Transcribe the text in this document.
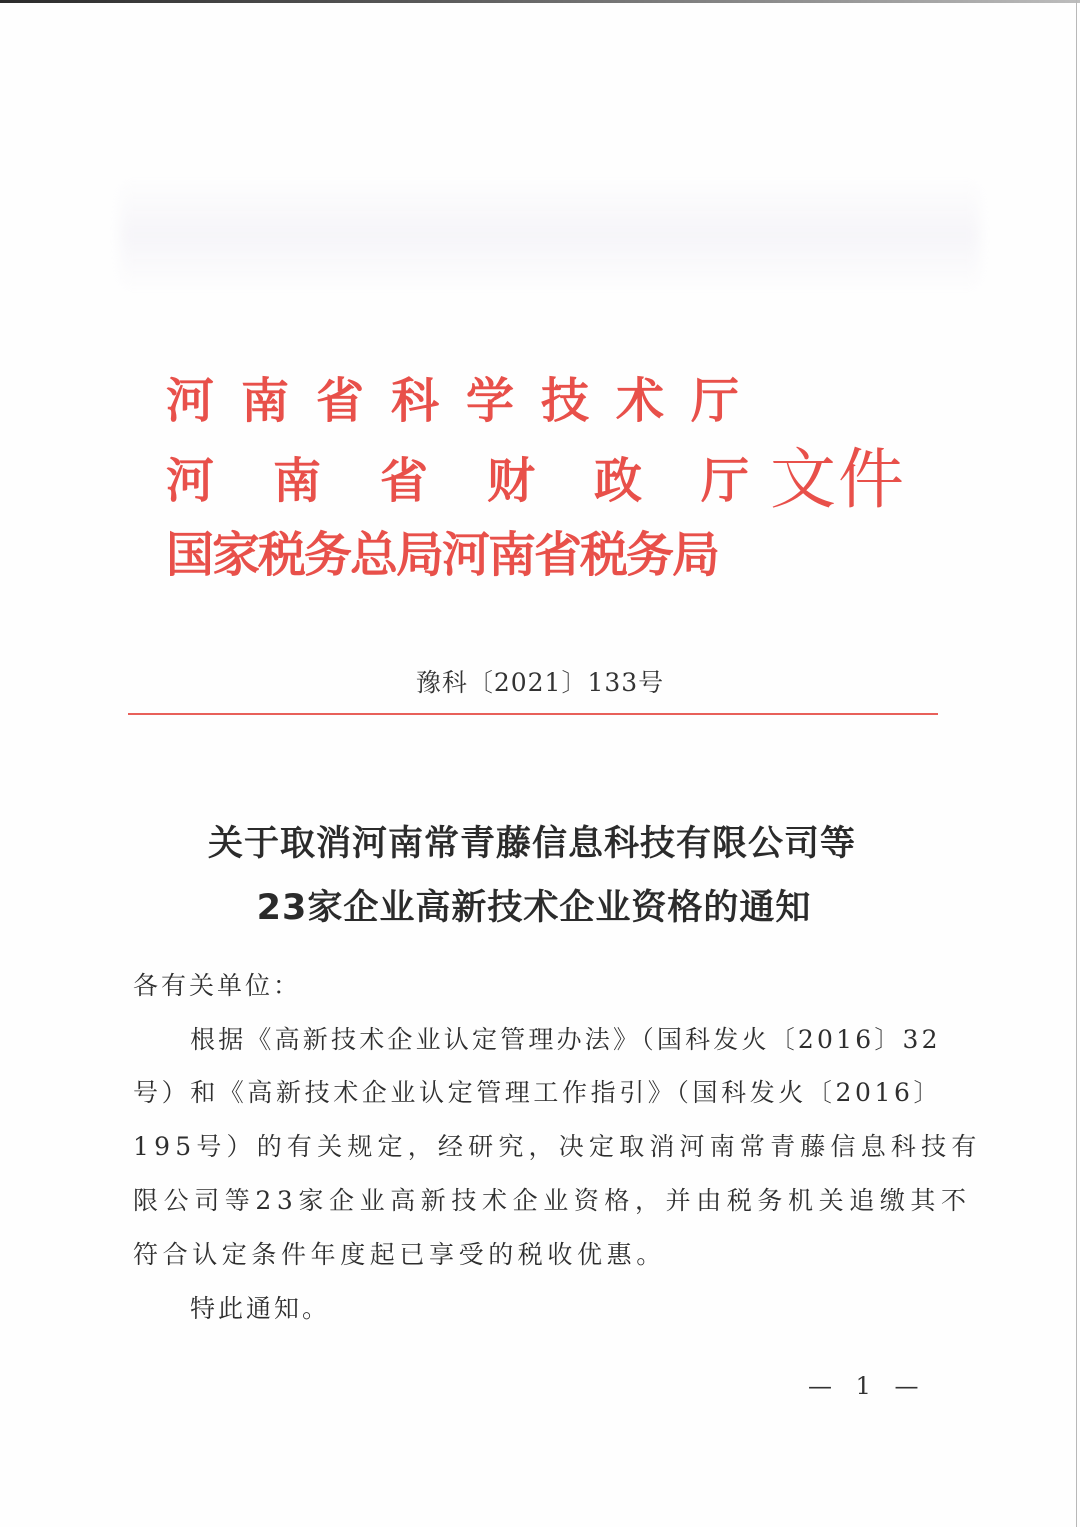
河南省科学技术厅
河南省财政厅
国家税务总局河南省税务局
文件
豫科〔2021〕133号
关于取消河南常青藤信息科技有限公司等
23家企业高新技术企业资格的通知
各有关单位：
根据《高新技术企业认定管理办法》（国科发火〔2016〕32
号）和《高新技术企业认定管理工作指引》（国科发火〔2016〕
195号）的有关规定，经研究，决定取消河南常青藤信息科技有
限公司等23家企业高新技术企业资格，并由税务机关追缴其不
符合认定条件年度起已享受的税收优惠。
特此通知。
— 1 —
